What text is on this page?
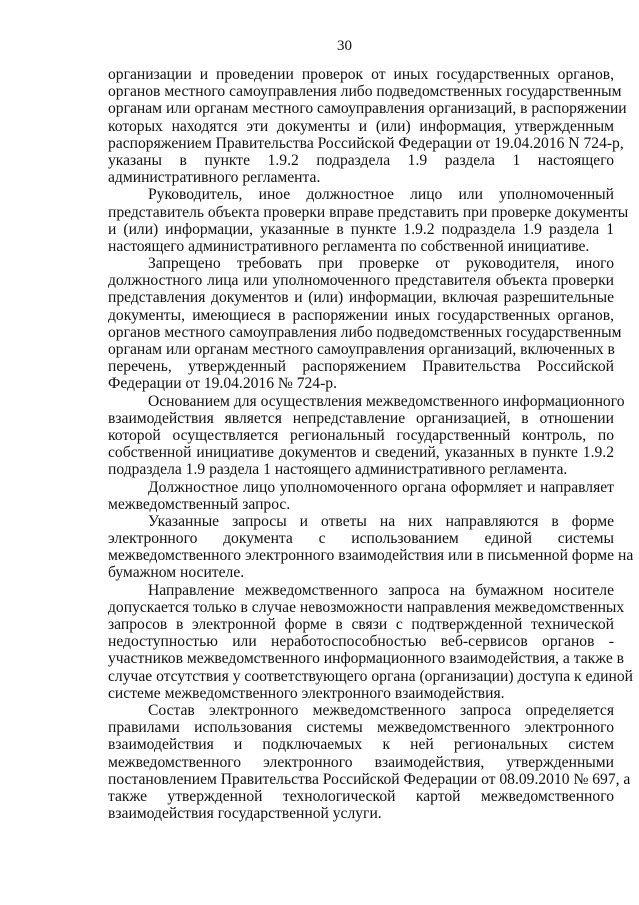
30
организации и проведении проверок от иных государственных органов,
органов местного самоуправления либо подведомственных государственным
органам или органам местного самоуправления организаций, в распоряжении
которых находятся эти документы и (или) информация, утвержденным
распоряжением Правительства Российской Федерации от 19.04.2016 N 724-р,
указаны в пункте 1.9.2 подраздела 1.9 раздела 1 настоящего
административного регламента.
Руководитель, иное должностное лицо или уполномоченный
представитель объекта проверки вправе представить при проверке документы
и (или) информации, указанные в пункте 1.9.2 подраздела 1.9 раздела 1
настоящего административного регламента по собственной инициативе.
Запрещено требовать при проверке от руководителя, иного
должностного лица или уполномоченного представителя объекта проверки
представления документов и (или) информации, включая разрешительные
документы, имеющиеся в распоряжении иных государственных органов,
органов местного самоуправления либо подведомственных государственным
органам или органам местного самоуправления организаций, включенных в
перечень, утвержденный распоряжением Правительства Российской
Федерации от 19.04.2016 № 724-р.
Основанием для осуществления межведомственного информационного
взаимодействия является непредставление организацией, в отношении
которой осуществляется региональный государственный контроль, по
собственной инициативе документов и сведений, указанных в пункте 1.9.2
подраздела 1.9 раздела 1 настоящего административного регламента.
Должностное лицо уполномоченного органа оформляет и направляет
межведомственный запрос.
Указанные запросы и ответы на них направляются в форме
электронного документа с использованием единой системы
межведомственного электронного взаимодействия или в письменной форме на
бумажном носителе.
Направление межведомственного запроса на бумажном носителе
допускается только в случае невозможности направления межведомственных
запросов в электронной форме в связи с подтвержденной технической
недоступностью или неработоспособностью веб-сервисов органов -
участников межведомственного информационного взаимодействия, а также в
случае отсутствия у соответствующего органа (организации) доступа к единой
системе межведомственного электронного взаимодействия.
Состав электронного межведомственного запроса определяется
правилами использования системы межведомственного электронного
взаимодействия и подключаемых к ней региональных систем
межведомственного электронного взаимодействия, утвержденными
постановлением Правительства Российской Федерации от 08.09.2010 № 697, а
также утвержденной технологической картой межведомственного
взаимодействия государственной услуги.
